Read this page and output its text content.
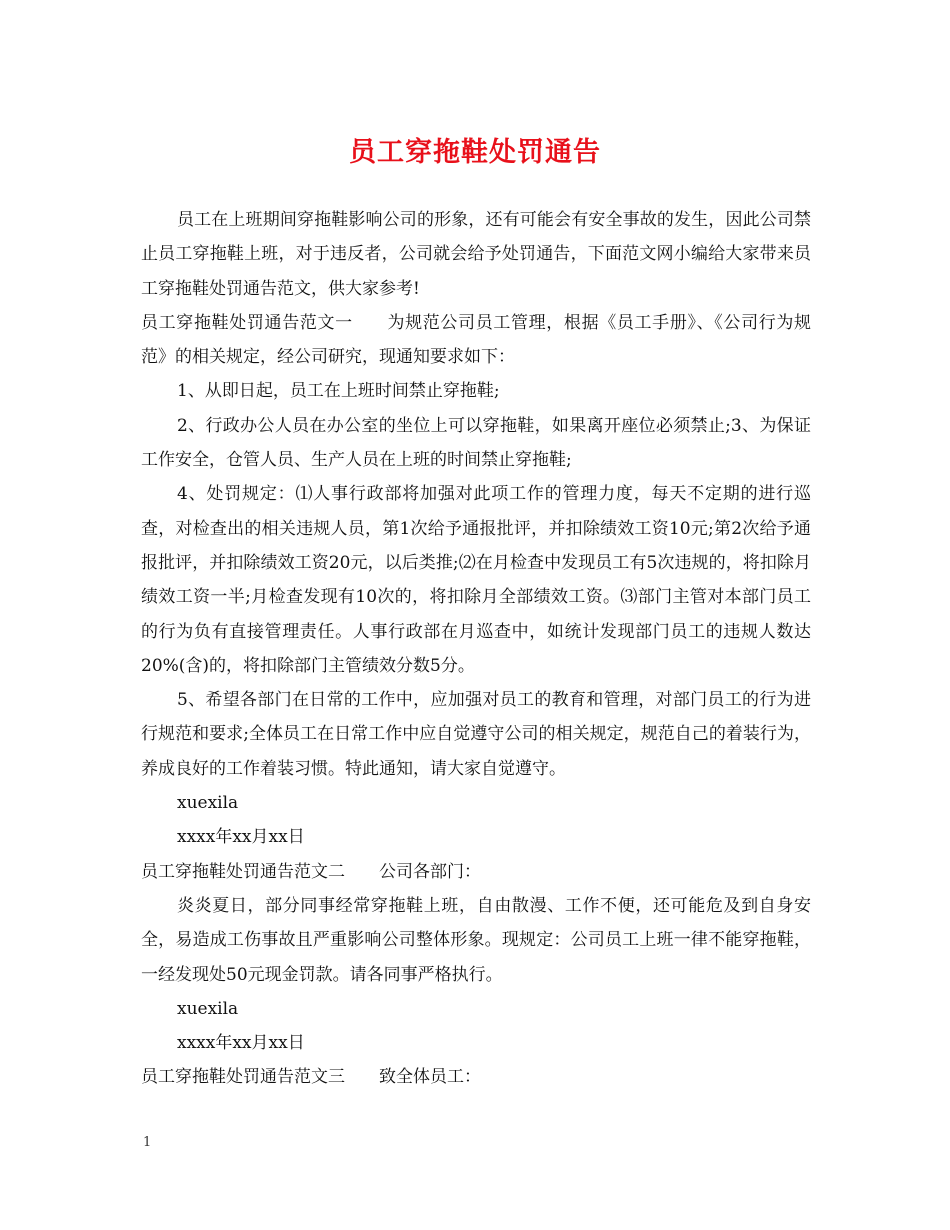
员工穿拖鞋处罚通告

员工在上班期间穿拖鞋影响公司的形象，还有可能会有安全事故的发生，因此公司禁止员工穿拖鞋上班，对于违反者，公司就会给予处罚通告，下面范文网小编给大家带来员工穿拖鞋处罚通告范文，供大家参考!

员工穿拖鞋处罚通告范文一 为规范公司员工管理，根据《员工手册》、《公司行为规范》的相关规定，经公司研究，现通知要求如下：

1、从即日起，员工在上班时间禁止穿拖鞋;

2、行政办公人员在办公室的坐位上可以穿拖鞋，如果离开座位必须禁止;3、为保证工作安全，仓管人员、生产人员在上班的时间禁止穿拖鞋;

4、处罚规定：⑴人事行政部将加强对此项工作的管理力度，每天不定期的进行巡查，对检查出的相关违规人员，第1次给予通报批评，并扣除绩效工资10元;第2次给予通报批评，并扣除绩效工资20元，以后类推;⑵在月检查中发现员工有5次违规的，将扣除月绩效工资一半;月检查发现有10次的，将扣除月全部绩效工资。⑶部门主管对本部门员工的行为负有直接管理责任。人事行政部在月巡查中，如统计发现部门员工的违规人数达20%(含)的，将扣除部门主管绩效分数5分。

5、希望各部门在日常的工作中，应加强对员工的教育和管理，对部门员工的行为进行规范和要求;全体员工在日常工作中应自觉遵守公司的相关规定，规范自己的着装行为，养成良好的工作着装习惯。特此通知，请大家自觉遵守。

xuexila

xxxx年xx月xx日

员工穿拖鞋处罚通告范文二 公司各部门：

炎炎夏日，部分同事经常穿拖鞋上班，自由散漫、工作不便，还可能危及到自身安全，易造成工伤事故且严重影响公司整体形象。现规定：公司员工上班一律不能穿拖鞋，一经发现处50元现金罚款。请各同事严格执行。

xuexila

xxxx年xx月xx日

员工穿拖鞋处罚通告范文三 致全体员工：

1
